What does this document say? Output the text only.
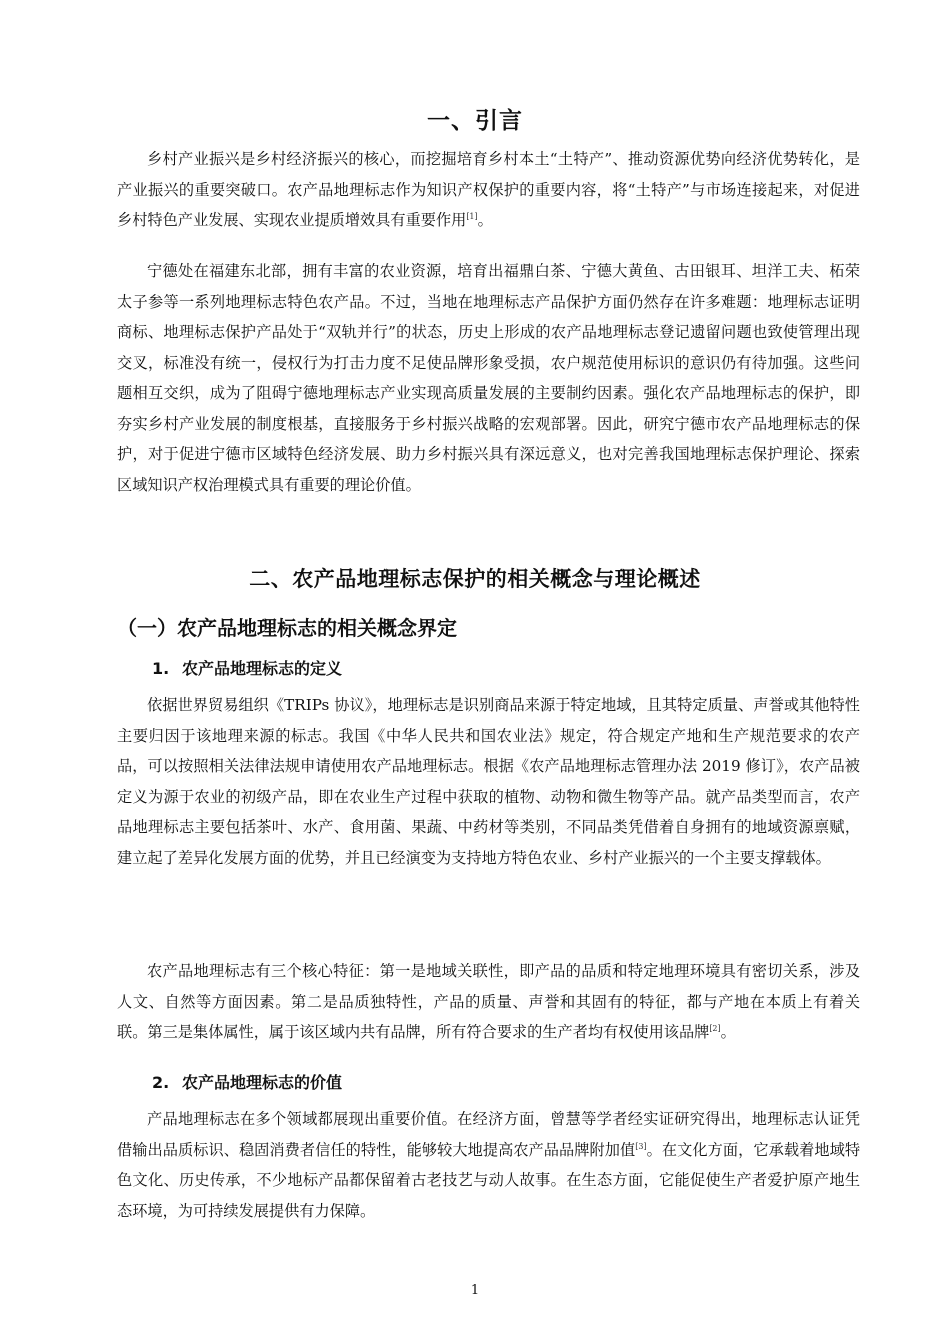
一、引言

乡村产业振兴是乡村经济振兴的核心，而挖掘培育乡村本土“土特产”、推动资源优势向经济优势转化，是产业振兴的重要突破口。农产品地理标志作为知识产权保护的重要内容，将“土特产”与市场连接起来，对促进乡村特色产业发展、实现农业提质增效具有重要作用[1]。

宁德处在福建东北部，拥有丰富的农业资源，培育出福鼎白茶、宁德大黄鱼、古田银耳、坦洋工夫、柘荣太子参等一系列地理标志特色农产品。不过，当地在地理标志产品保护方面仍然存在许多难题：地理标志证明商标、地理标志保护产品处于“双轨并行”的状态，历史上形成的农产品地理标志登记遗留问题也致使管理出现交叉，标准没有统一，侵权行为打击力度不足使品牌形象受损，农户规范使用标识的意识仍有待加强。这些问题相互交织，成为了阻碍宁德地理标志产业实现高质量发展的主要制约因素。强化农产品地理标志的保护，即夯实乡村产业发展的制度根基，直接服务于乡村振兴战略的宏观部署。因此，研究宁德市农产品地理标志的保护，对于促进宁德市区域特色经济发展、助力乡村振兴具有深远意义，也对完善我国地理标志保护理论、探索区域知识产权治理模式具有重要的理论价值。

二、农产品地理标志保护的相关概念与理论概述
（一）农产品地理标志的相关概念界定
1. 农产品地理标志的定义

依据世界贸易组织《TRIPs 协议》，地理标志是识别商品来源于特定地域，且其特定质量、声誉或其他特性主要归因于该地理来源的标志。我国《中华人民共和国农业法》规定，符合规定产地和生产规范要求的农产品，可以按照相关法律法规申请使用农产品地理标志。根据《农产品地理标志管理办法 2019 修订》，农产品被定义为源于农业的初级产品，即在农业生产过程中获取的植物、动物和微生物等产品。就产品类型而言，农产品地理标志主要包括茶叶、水产、食用菌、果蔬、中药材等类别，不同品类凭借着自身拥有的地域资源禀赋，建立起了差异化发展方面的优势，并且已经演变为支持地方特色农业、乡村产业振兴的一个主要支撑载体。

农产品地理标志有三个核心特征：第一是地域关联性，即产品的品质和特定地理环境具有密切关系，涉及人文、自然等方面因素。第二是品质独特性，产品的质量、声誉和其固有的特征，都与产地在本质上有着关联。第三是集体属性，属于该区域内共有品牌，所有符合要求的生产者均有权使用该品牌[2]。

2. 农产品地理标志的价值

产品地理标志在多个领域都展现出重要价值。在经济方面，曾慧等学者经实证研究得出，地理标志认证凭借输出品质标识、稳固消费者信任的特性，能够较大地提高农产品品牌附加值[3]。在文化方面，它承载着地域特色文化、历史传承，不少地标产品都保留着古老技艺与动人故事。在生态方面，它能促使生产者爱护原产地生态环境，为可持续发展提供有力保障。

1
